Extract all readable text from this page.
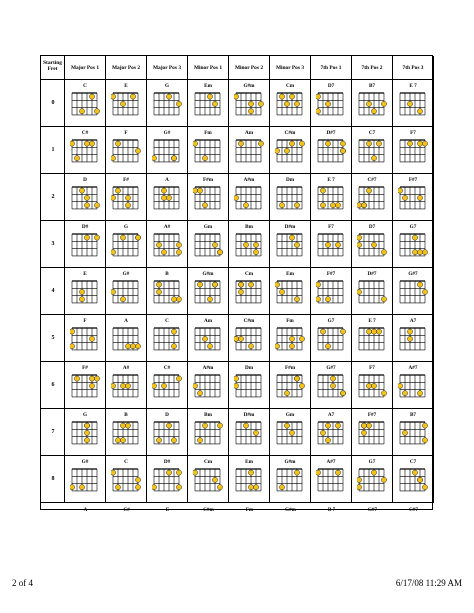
Starting Fret	Major Pos 1	Major Pos 2	Major Pos 3	Minor Pos 1	Minor Pos 2	Minor Pos 3	7th Pos 1	7th Pos 2	7th Pos 3
0
C	E	G	Em	G#m	Cm	D7	B7	E 7
1
C#	F	G#	Fm	Am	C#m	D#7	C7	F7
2
D	F#	A	F#m	A#m	Dm	E 7	C#7	F#7
3
D#	G	A#	Gm	Bm	D#m	F7	D7	G7
4
E	G#	B	G#m	Cm	Em	F#7	D#7	G#7
5
F	A	C	Am	C#m	Fm	G7	E 7	A7
6
F#	A#	C#	A#m	Dm	F#m	G#7	F7	A#7
7
G	B	D	Bm	D#m	Gm	A7	F#7	B7
8
G#	C	D#	Cm	Em	G#m	A#7	G7	C7
A	C#	E	C#m	Fm	G#m	B 7	G#7	C#7
2 of 4	6/17/08 11:29 AM
